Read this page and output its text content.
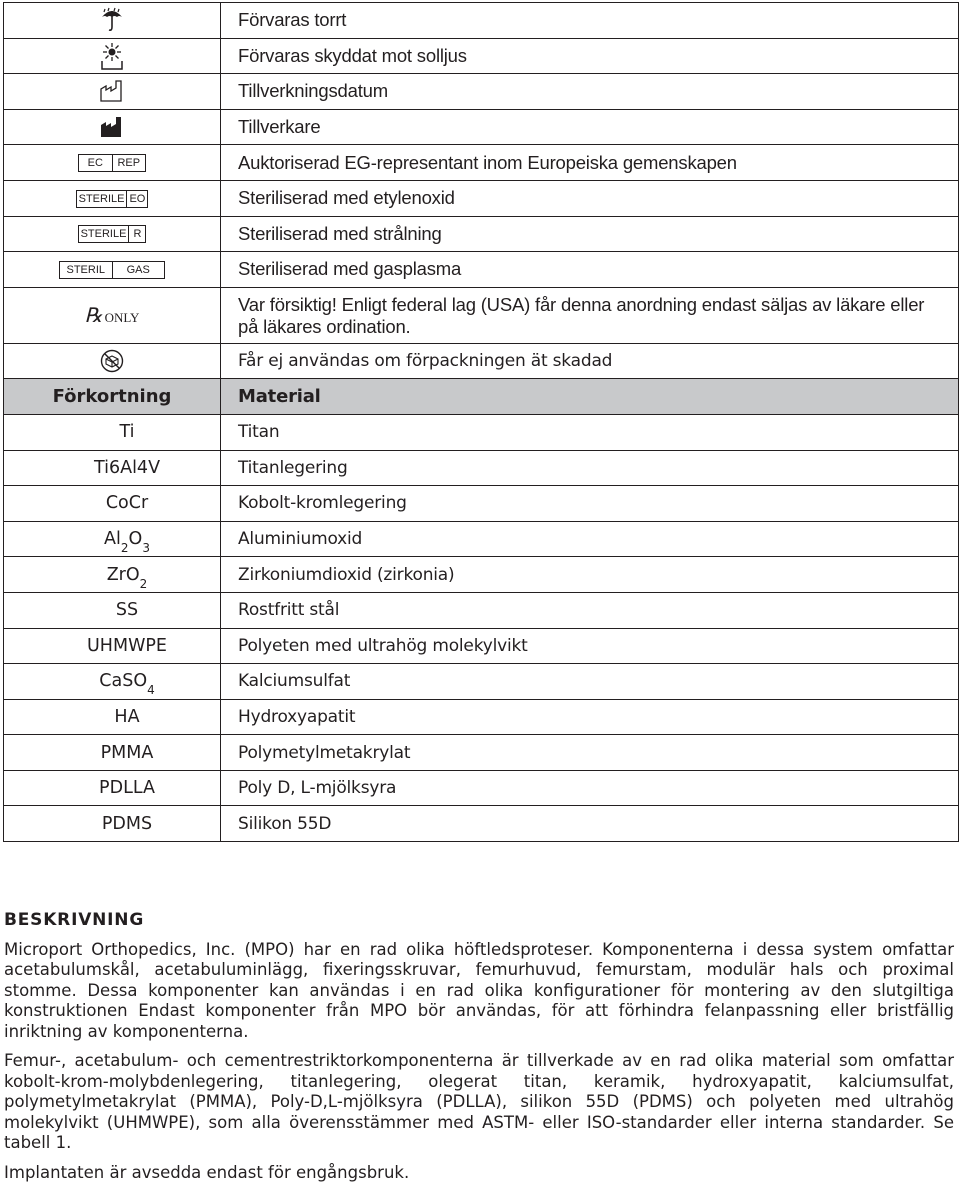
	Förvaras torrt

	Förvaras skyddat mot solljus

	Tillverkningsdatum

	Tillverkare

EC REP	Auktoriserad EG-representant inom Europeiska gemenskapen

STERILE EO	Steriliserad med etylenoxid

STERILE R	Steriliserad med strålning

STERIL GAS	Steriliserad med gasplasma
℞ ONLY	Var försiktig! Enligt federal lag (USA) får denna anordning endast säljas av läkare eller
på läkares ordination.

	Får ej användas om förpackningen ät skadad
Förkortning	Material
Ti	Titan
Ti6Al4V	Titanlegering
CoCr	Kobolt-kromlegering
$Al_2O_3$	Aluminiumoxid
ZrO$_2$	Zirkoniumdioxid (zirkonia)
SS	Rostfritt stål
UHMWPE	Polyeten med ultrahög molekylvikt
CaSO$_4$	Kalciumsulfat
HA	Hydroxyapatit
PMMA	Polymetylmetakrylat
PDLLA	Poly D, L-mjölksyra
PDMS	Silikon 55D
BESKRIVNING

Microport Orthopedics, Inc. (MPO) har en rad olika höftledsproteser. Komponenterna i dessa system omfattar acetabulumskål, acetabuluminlägg, fixeringsskruvar, femurhuvud, femurstam, modulär hals och proximal stomme. Dessa komponenter kan användas i en rad olika konfigurationer för montering av den slutgiltiga konstruktionen Endast komponenter från MPO bör användas, för att förhindra felanpassning eller bristfällig inriktning av komponenterna.

Femur-, acetabulum- och cementrestriktorkomponenterna är tillverkade av en rad olika material som omfattar kobolt-krom-molybdenlegering, titanlegering, olegerat titan, keramik, hydroxyapatit, kalciumsulfat, polymetylmetakrylat (PMMA), Poly-D,L-mjölksyra (PDLLA), silikon 55D (PDMS) och polyeten med ultrahög molekylvikt (UHMWPE), som alla överensstämmer med ASTM- eller ISO-standarder eller interna standarder. Se tabell 1.

Implantaten är avsedda endast för engångsbruk.
